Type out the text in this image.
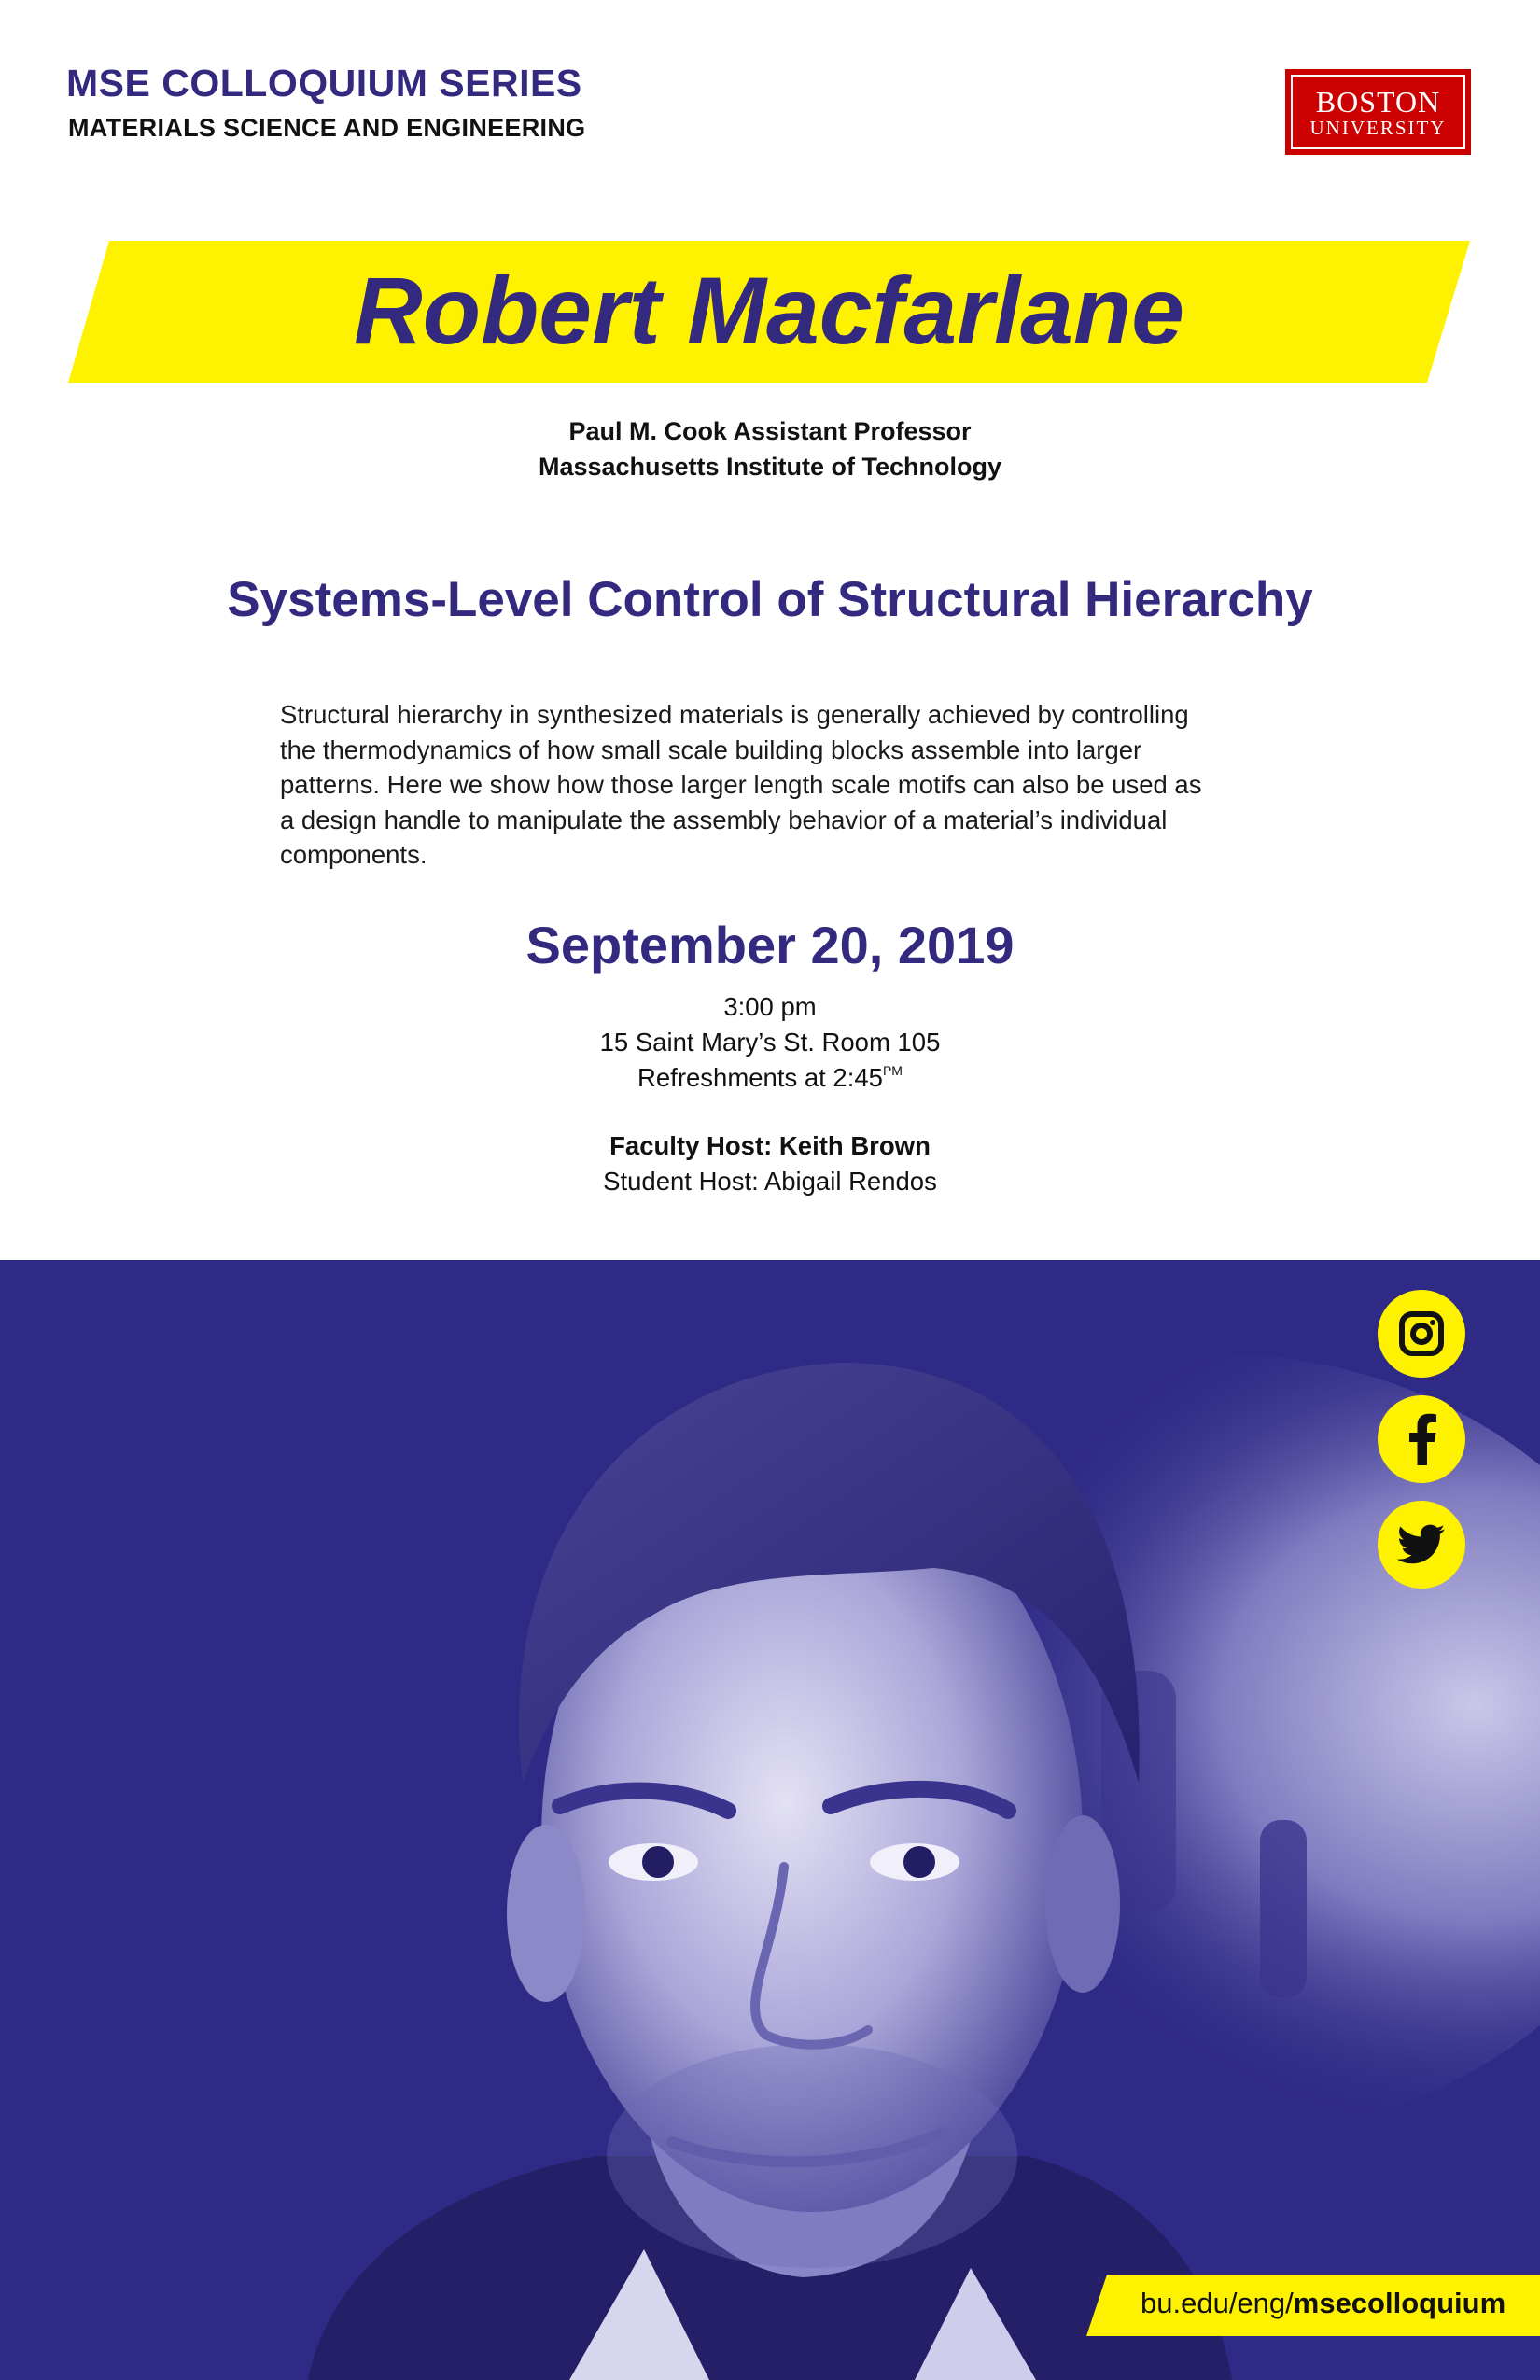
MSE COLLOQUIUM SERIES
MATERIALS SCIENCE AND ENGINEERING
BOSTON
UNIVERSITY
Robert Macfarlane
Paul M. Cook Assistant Professor
Massachusetts Institute of Technology
Systems-Level Control of Structural Hierarchy
Structural hierarchy in synthesized materials is generally achieved by controlling
the thermodynamics of how small scale building blocks assemble into larger
patterns. Here we show how those larger length scale motifs can also be used as
a design handle to manipulate the assembly behavior of a material’s individual
components.
September 20, 2019
3:00 pm
15 Saint Mary’s St. Room 105
Refreshments at $2:45^{PM}$
Faculty Host: Keith Brown
Student Host: Abigail Rendos
bu.edu/eng/msecolloquium
